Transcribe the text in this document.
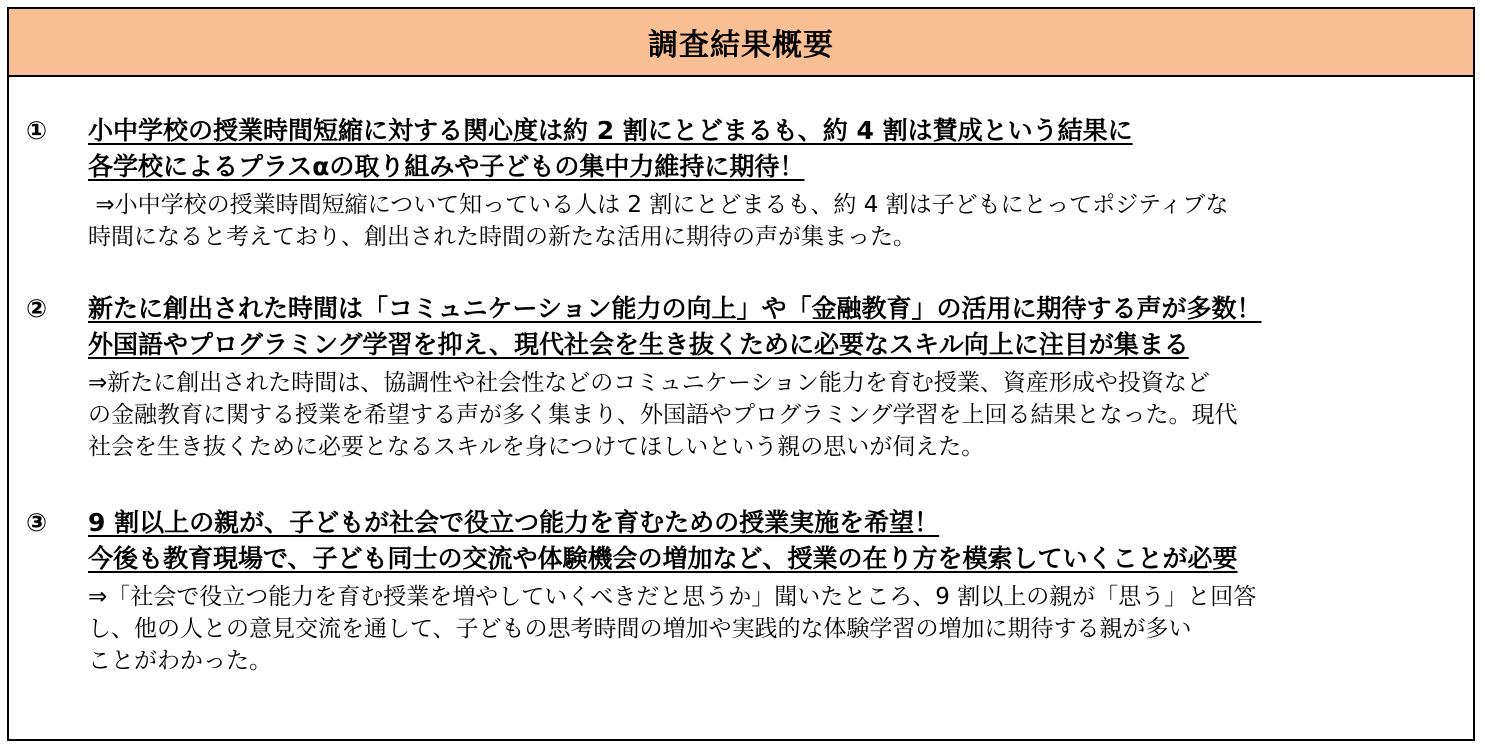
調査結果概要
①	小中学校の授業時間短縮に対する関心度は約 2 割にとどまるも、約 4 割は賛成という結果に
各学校によるプラスαの取り組みや子どもの集中力維持に期待！
⇒小中学校の授業時間短縮について知っている人は 2 割にとどまるも、約 4 割は子どもにとってポジティブな
時間になると考えており、創出された時間の新たな活用に期待の声が集まった。
②	新たに創出された時間は「コミュニケーション能力の向上」や「金融教育」の活用に期待する声が多数！
外国語やプログラミング学習を抑え、現代社会を生き抜くために必要なスキル向上に注目が集まる
⇒新たに創出された時間は、協調性や社会性などのコミュニケーション能力を育む授業、資産形成や投資など
の金融教育に関する授業を希望する声が多く集まり、外国語やプログラミング学習を上回る結果となった。現代
社会を生き抜くために必要となるスキルを身につけてほしいという親の思いが伺えた。
③	9 割以上の親が、子どもが社会で役立つ能力を育むための授業実施を希望！
今後も教育現場で、子ども同士の交流や体験機会の増加など、授業の在り方を模索していくことが必要
⇒「社会で役立つ能力を育む授業を増やしていくべきだと思うか」聞いたところ、9 割以上の親が「思う」と回答
し、他の人との意見交流を通して、子どもの思考時間の増加や実践的な体験学習の増加に期待する親が多い
ことがわかった。
